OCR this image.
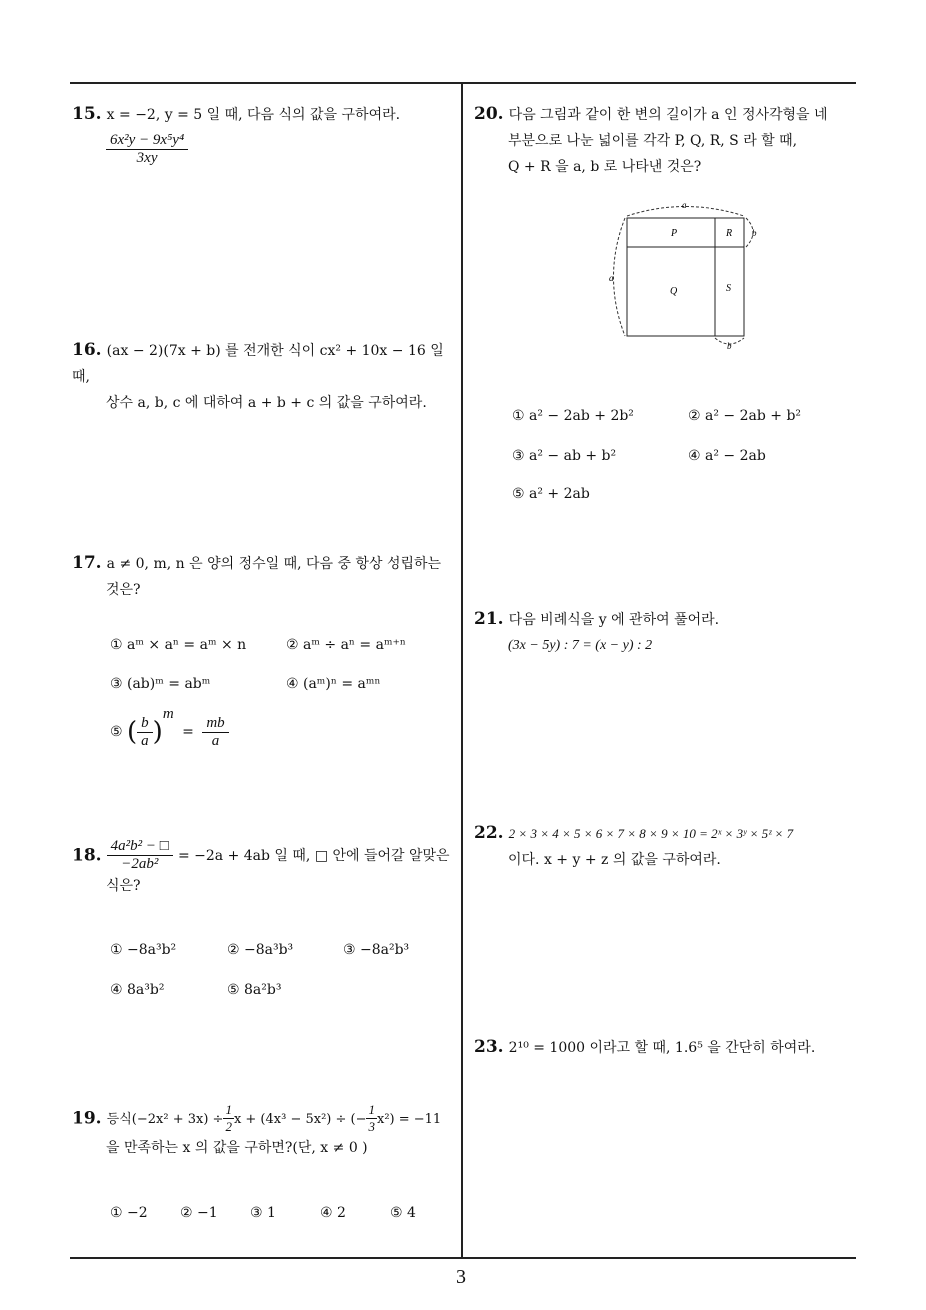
15. x = −2, y = 5 일 때, 다음 식의 값을 구하여라.
$\frac{\text{6x²y − 9x⁵y⁴}}{3xy}$
16. (ax − 2)(7x + b) 를 전개한 식이 cx² + 10x − 16 일 때,
상수 a, b, c 에 대하여 a + b + c 의 값을 구하여라.
17. a ≠ 0, m, n 은 양의 정수일 때, 다음 중 항상 성립하는
것은?
① aᵐ × aⁿ = aᵐ × n	② aᵐ ÷ aⁿ = aᵐ⁺ⁿ
③ (ab)ᵐ = abᵐ	④ (aᵐ)ⁿ = aᵐⁿ
⑤ ( $\frac{b}{a} )^m = \frac{mb}{a}$
18. $\frac{\text{4a²b² − □}}{\text{−2ab²}} = -2a + 4ab$ 일 때, □ 안에 들어갈 알맞은
식은?
① −8a³b²	② −8a³b³	③ −8a²b³
④ 8a³b²	⑤ 8a²b³
19. 등식$(-2x^2 + 3x) \div \frac{1}{2}$ x + (4x³ − 5x²) ÷ (− $\frac{1}{3} x^2) = -11$
을 만족하는 x 의 값을 구하면?(단, x ≠ 0 )
① −2 ② −1 ③ 1	④ 2	⑤ 4
20. 다음 그림과 같이 한 변의 길이가 a 인 정사각형을 네
부분으로 나눈 넓이를 각각 P, Q, R, S 라 할 때,
Q + R 을 a, b 로 나타낸 것은?
P	R
Q	S
a
a
b
b
① a² − 2ab + 2b²	② a² − 2ab + b²
③ a² − ab + b²	④ a² − 2ab
⑤ a² + 2ab
21. 다음 비례식을 y 에 관하여 풀어라.
(3x − 5y) : 7 = (x − y) : 2
22. 2 × 3 × 4 × 5 × 6 × 7 × 8 × 9 × 10 = 2ˣ × 3ʸ × 5ᶻ × 7
이다. x + y + z 의 값을 구하여라.
23. 2¹⁰ = 1000 이라고 할 때, 1.6⁵ 을 간단히 하여라.
3
